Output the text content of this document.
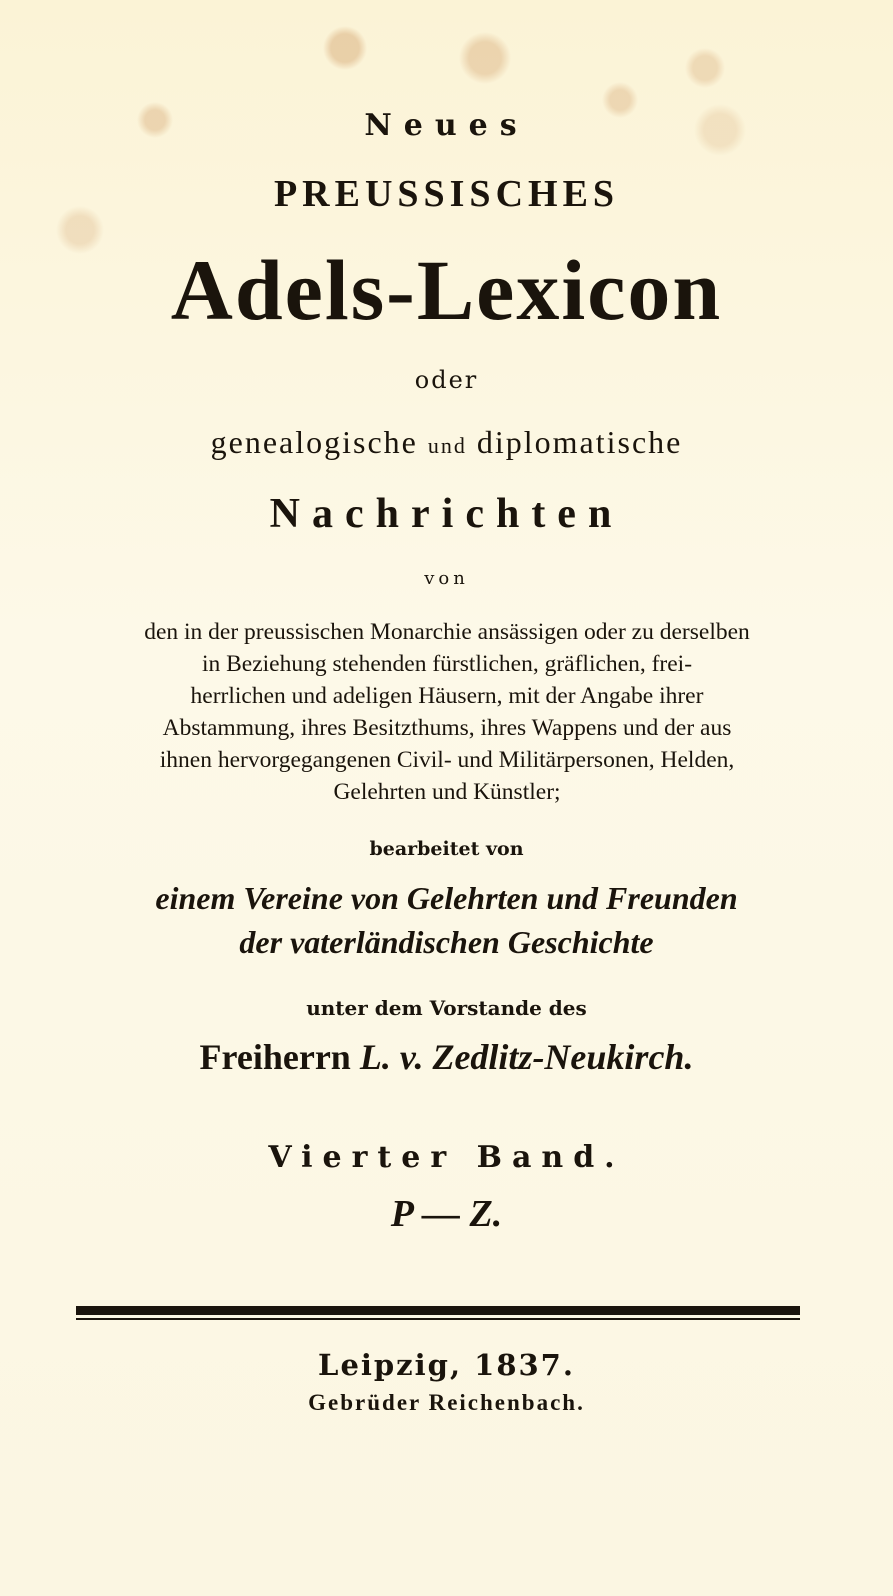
Neues
PREUSSISCHES
Adels-Lexicon
oder
genealogische und diplomatische
Nachrichten
von
den in der preussischen Monarchie ansässigen oder zu derselben
in Beziehung stehenden fürstlichen, gräflichen, frei-
herrlichen und adeligen Häusern, mit der Angabe ihrer
Abstammung, ihres Besitzthums, ihres Wappens und der aus
ihnen hervorgegangenen Civil- und Militärpersonen, Helden,
Gelehrten und Künstler;
bearbeitet von
einem Vereine von Gelehrten und Freunden
der vaterländischen Geschichte
unter dem Vorstande des
Freiherrn L. v. Zedlitz-Neukirch.
Vierter Band.
P — Z.
Leipzig, 1837.
Gebrüder Reichenbach.
